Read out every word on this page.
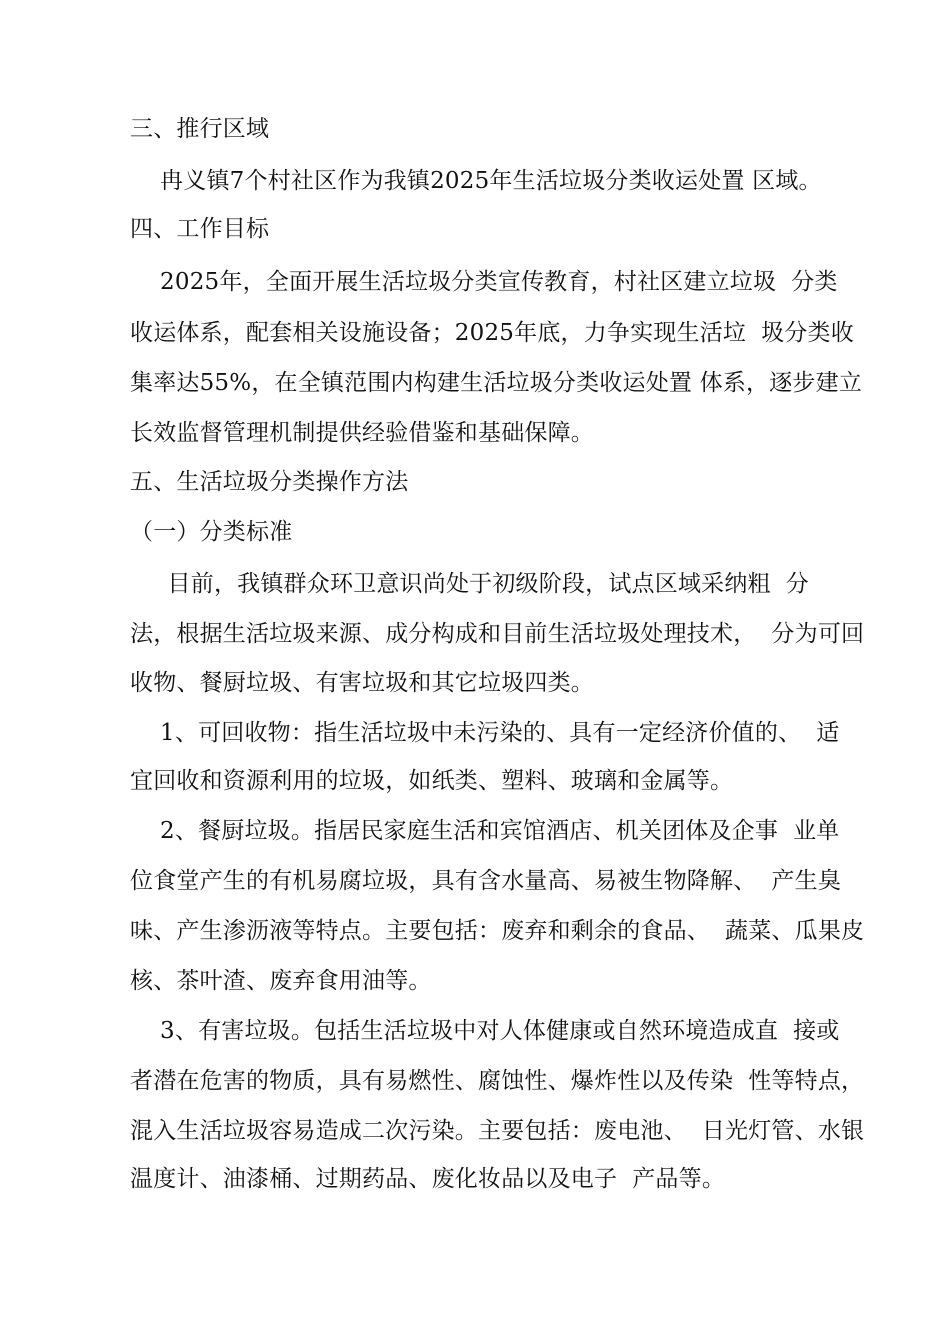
三、推行区域
冉义镇7个村社区作为我镇2025年生活垃圾分类收运处置 区域。
四、工作目标
2025年，全面开展生活垃圾分类宣传教育，村社区建立垃圾  分类
收运体系，配套相关设施设备；2025年底，力争实现生活垃  圾分类收
集率达55%，在全镇范围内构建生活垃圾分类收运处置 体系，逐步建立
长效监督管理机制提供经验借鉴和基础保障。
五、生活垃圾分类操作方法
（一）分类标准
目前，我镇群众环卫意识尚处于初级阶段，试点区域采纳粗  分
法，根据生活垃圾来源、成分构成和目前生活垃圾处理技术，  分为可回
收物、餐厨垃圾、有害垃圾和其它垃圾四类。
1、可回收物：指生活垃圾中未污染的、具有一定经济价值的、  适
宜回收和资源利用的垃圾，如纸类、塑料、玻璃和金属等。
2、餐厨垃圾。指居民家庭生活和宾馆酒店、机关团体及企事  业单
位食堂产生的有机易腐垃圾，具有含水量高、易被生物降解、  产生臭
味、产生渗沥液等特点。主要包括：废弃和剩余的食品、  蔬菜、瓜果皮
核、茶叶渣、废弃食用油等。
3、有害垃圾。包括生活垃圾中对人体健康或自然环境造成直  接或
者潜在危害的物质，具有易燃性、腐蚀性、爆炸性以及传染  性等特点，
混入生活垃圾容易造成二次污染。主要包括：废电池、  日光灯管、水银
温度计、油漆桶、过期药品、废化妆品以及电子  产品等。
